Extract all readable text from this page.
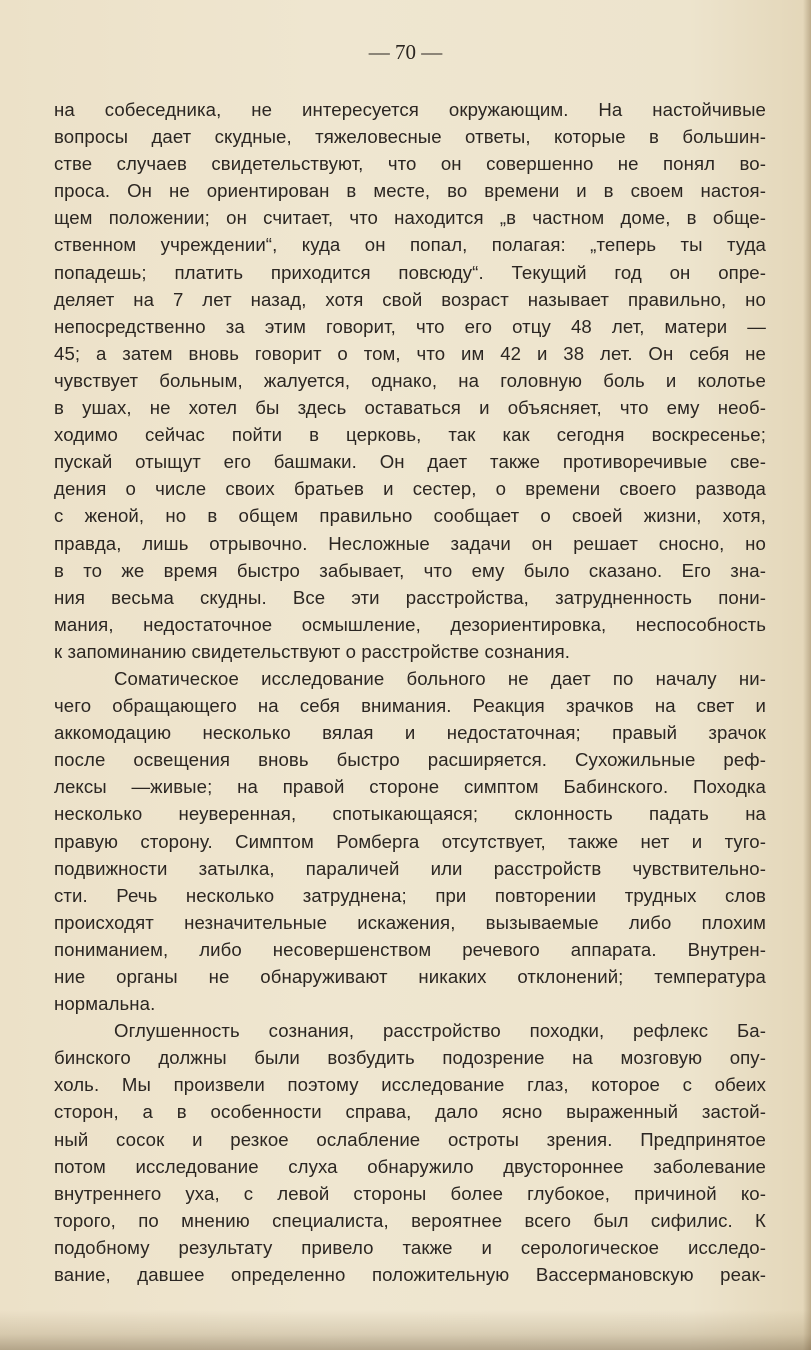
— 70 —
на собеседника, не интересуется окружающим. На настойчивые
вопросы дает скудные, тяжеловесные ответы, которые в большин-
стве случаев свидетельствуют, что он совершенно не понял во-
проса. Он не ориентирован в месте, во времени и в своем настоя-
щем положении; он считает, что находится „в частном доме, в обще-
ственном учреждении“, куда он попал, полагая: „теперь ты туда
попадешь; платить приходится повсюду“. Текущий год он опре-
деляет на 7 лет назад, хотя свой возраст называет правильно, но
непосредственно за этим говорит, что его отцу 48 лет, матери —
45; а затем вновь говорит о том, что им 42 и 38 лет. Он себя не
чувствует больным, жалуется, однако, на головную боль и колотье
в ушах, не хотел бы здесь оставаться и объясняет, что ему необ-
ходимо сейчас пойти в церковь, так как сегодня воскресенье;
пускай отыщут его башмаки. Он дает также противоречивые све-
дения о числе своих братьев и сестер, о времени своего развода
с женой, но в общем правильно сообщает о своей жизни, хотя,
правда, лишь отрывочно. Несложные задачи он решает сносно, но
в то же время быстро забывает, что ему было сказано. Его зна-
ния весьма скудны. Все эти расстройства, затрудненность пони-
мания, недостаточное осмышление, дезориентировка, неспособность
к запоминанию свидетельствуют о расстройстве сознания.
Соматическое исследование больного не дает по началу ни-
чего обращающего на себя внимания. Реакция зрачков на свет и
аккомодацию несколько вялая и недостаточная; правый зрачок
после освещения вновь быстро расширяется. Сухожильные реф-
лексы —живые; на правой стороне симптом Бабинского. Походка
несколько неуверенная, спотыкающаяся; склонность падать на
правую сторону. Симптом Ромберга отсутствует, также нет и туго-
подвижности затылка, параличей или расстройств чувствительно-
сти. Речь несколько затруднена; при повторении трудных слов
происходят незначительные искажения, вызываемые либо плохим
пониманием, либо несовершенством речевого аппарата. Внутрен-
ние органы не обнаруживают никаких отклонений; температура
нормальна.
Оглушенность сознания, расстройство походки, рефлекс Ба-
бинского должны были возбудить подозрение на мозговую опу-
холь. Мы произвели поэтому исследование глаз, которое с обеих
сторон, а в особенности справа, дало ясно выраженный застой-
ный сосок и резкое ослабление остроты зрения. Предпринятое
потом исследование слуха обнаружило двустороннее заболевание
внутреннего уха, с левой стороны более глубокое, причиной ко-
торого, по мнению специалиста, вероятнее всего был сифилис. К
подобному результату привело также и серологическое исследо-
вание, давшее определенно положительную Вассермановскую реак-
